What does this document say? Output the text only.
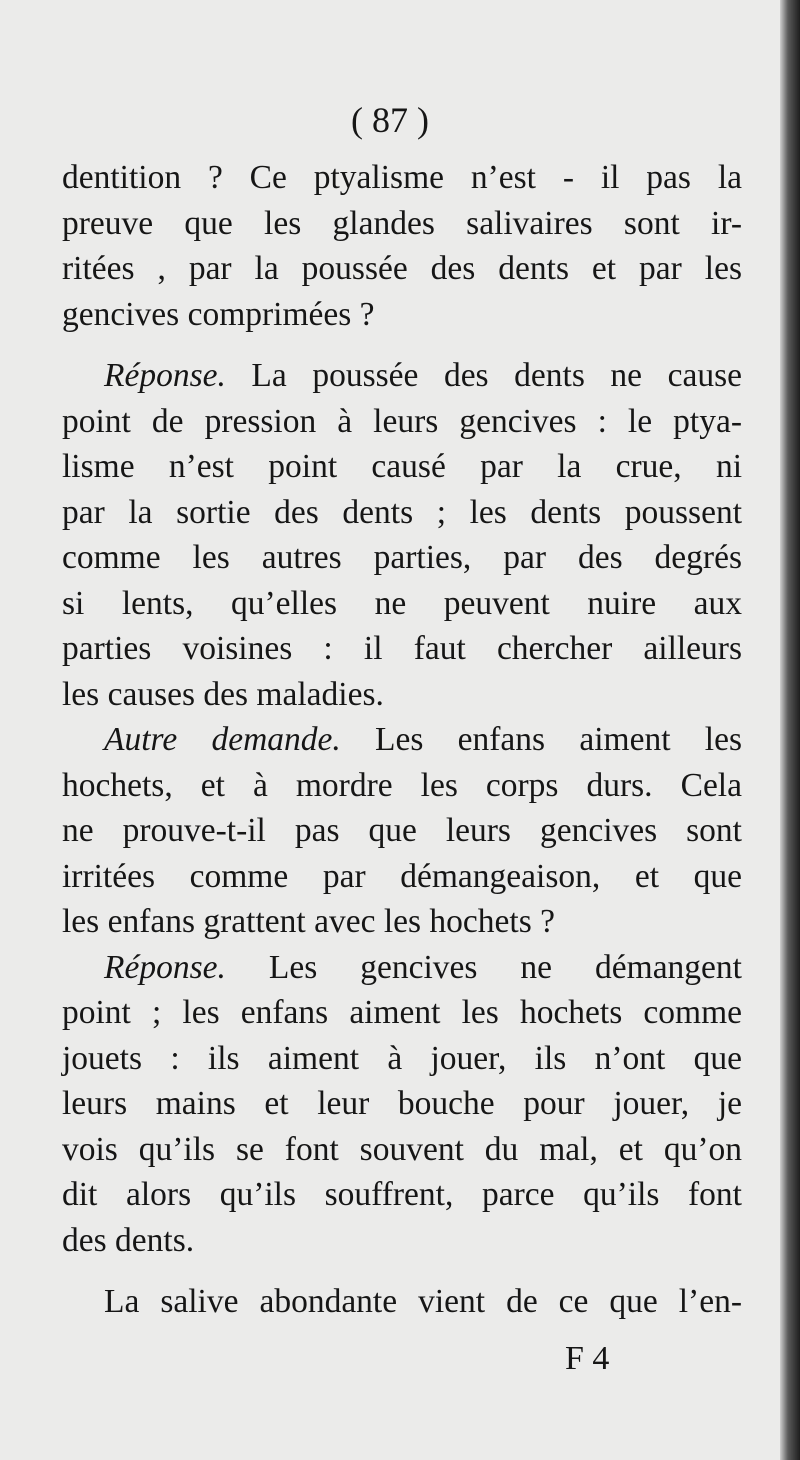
( 87 )
dentition ? Ce ptyalisme n’est - il pas la
preuve que les glandes salivaires sont ir-
ritées , par la poussée des dents et par les
gencives comprimées ?
Réponse. La poussée des dents ne cause
point de pression à leurs gencives : le ptya-
lisme n’est point causé par la crue, ni
par la sortie des dents ; les dents poussent
comme les autres parties, par des degrés
si lents, qu’elles ne peuvent nuire aux
parties voisines : il faut chercher ailleurs
les causes des maladies.
Autre demande. Les enfans aiment les
hochets, et à mordre les corps durs. Cela
ne prouve-t-il pas que leurs gencives sont
irritées comme par démangeaison, et que
les enfans grattent avec les hochets ?
Réponse. Les gencives ne démangent
point ; les enfans aiment les hochets comme
jouets : ils aiment à jouer, ils n’ont que
leurs mains et leur bouche pour jouer, je
vois qu’ils se font souvent du mal, et qu’on
dit alors qu’ils souffrent, parce qu’ils font
des dents.
La salive abondante vient de ce que l’en-
F 4
